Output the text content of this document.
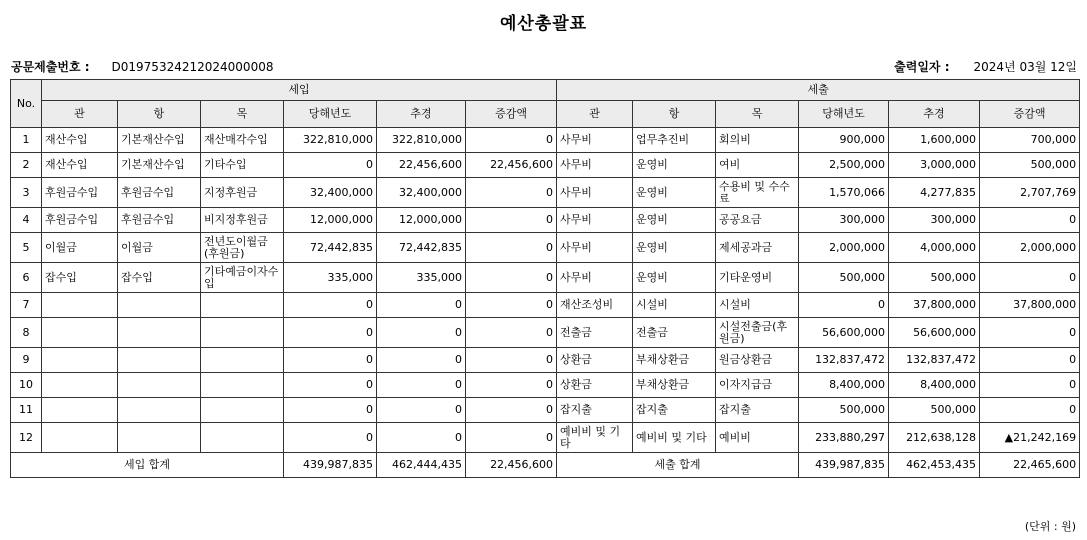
예산총괄표
공문제출번호 : D01975324212024000008	출력일자 : 2024년 03월 12일
No.	세입						세출					
	관	항	목	당해년도	추경	증감액	관	항	목	당해년도	추경	증감액
1	재산수입	기본재산수입	재산매각수입	322,810,000	322,810,000	0	사무비	업무추진비	회의비	900,000	1,600,000	700,000
2	재산수입	기본재산수입	기타수입	0	22,456,600	22,456,600	사무비	운영비	여비	2,500,000	3,000,000	500,000
3	후원금수입	후원금수입	지정후원금	32,400,000	32,400,000	0	사무비	운영비	수용비 및 수수료	1,570,066	4,277,835	2,707,769
4	후원금수입	후원금수입	비지정후원금	12,000,000	12,000,000	0	사무비	운영비	공공요금	300,000	300,000	0
5	이월금	이월금	전년도이월금(후원금)	72,442,835	72,442,835	0	사무비	운영비	제세공과금	2,000,000	4,000,000	2,000,000
6	잡수입	잡수입	기타예금이자수입	335,000	335,000	0	사무비	운영비	기타운영비	500,000	500,000	0
7				0	0	0	재산조성비	시설비	시설비	0	37,800,000	37,800,000
8				0	0	0	전출금	전출금	시설전출금(후원금)	56,600,000	56,600,000	0
9				0	0	0	상환금	부채상환금	원금상환금	132,837,472	132,837,472	0
10				0	0	0	상환금	부채상환금	이자지급금	8,400,000	8,400,000	0
11				0	0	0	잡지출	잡지출	잡지출	500,000	500,000	0
12				0	0	0	예비비 및 기타	예비비 및 기타	예비비	233,880,297	212,638,128	▲21,242,169
세입 합계				439,987,835	462,444,435	22,456,600	세출 합계			439,987,835	462,453,435	22,465,600
(단위 : 원)
